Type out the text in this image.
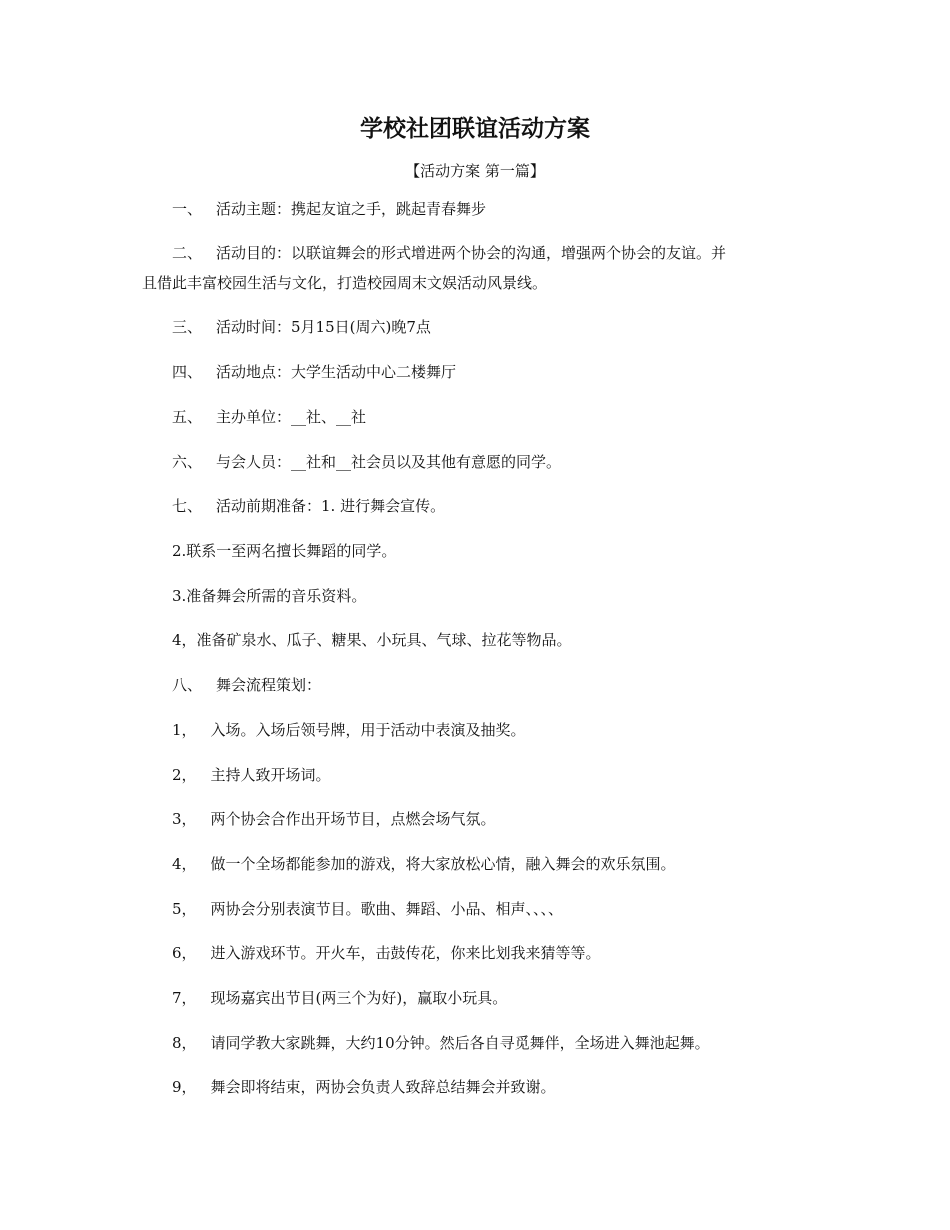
学校社团联谊活动方案

【活动方案 第一篇】

一、 活动主题：携起友谊之手，跳起青春舞步

二、 活动目的：以联谊舞会的形式增进两个协会的沟通，增强两个协会的友谊。并

且借此丰富校园生活与文化，打造校园周末文娱活动风景线。

三、 活动时间：5月15日(周六)晚7点

四、 活动地点：大学生活动中心二楼舞厅

五、 主办单位：__社、__社

六、 与会人员：__社和__社会员以及其他有意愿的同学。

七、 活动前期准备：1. 进行舞会宣传。

2.联系一至两名擅长舞蹈的同学。

3.准备舞会所需的音乐资料。

4，准备矿泉水、瓜子、糖果、小玩具、气球、拉花等物品。

八、 舞会流程策划：

1， 入场。入场后领号牌，用于活动中表演及抽奖。

2， 主持人致开场词。

3， 两个协会合作出开场节目，点燃会场气氛。

4， 做一个全场都能参加的游戏，将大家放松心情，融入舞会的欢乐氛围。

5， 两协会分别表演节目。歌曲、舞蹈、小品、相声、、、、

6， 进入游戏环节。开火车，击鼓传花，你来比划我来猜等等。

7， 现场嘉宾出节目(两三个为好)，赢取小玩具。

8， 请同学教大家跳舞，大约10分钟。然后各自寻觅舞伴，全场进入舞池起舞。

9， 舞会即将结束，两协会负责人致辞总结舞会并致谢。
